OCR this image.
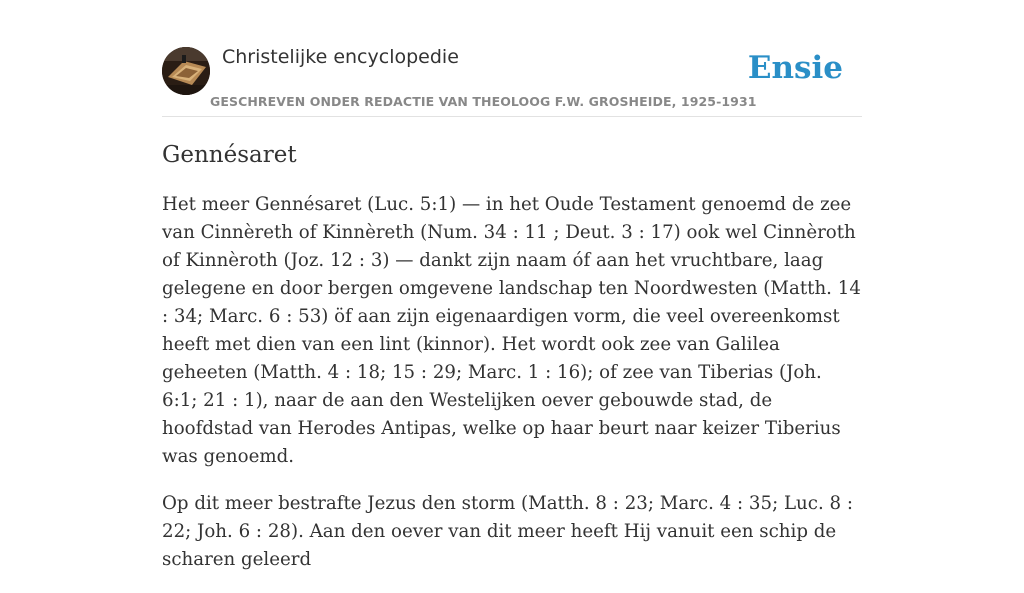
Christelijke encyclopedie
GESCHREVEN ONDER REDACTIE VAN THEOLOOG F.W. GROSHEIDE, 1925-1931
Ensie
Gennésaret

Het meer Gennésaret (Luc. 5:1) — in het Oude Testament genoemd de zee van Cinnèreth of Kinnèreth (Num. 34 : 11 ; Deut. 3 : 17) ook wel Cinnèroth of Kinnèroth (Joz. 12 : 3) — dankt zijn naam óf aan het vruchtbare, laag gelegene en door bergen omgevene landschap ten Noordwesten (Matth. 14 : 34; Marc. 6 : 53) öf aan zijn eigenaardigen vorm, die veel overeenkomst heeft met dien van een lint (kinnor). Het wordt ook zee van Galilea geheeten (Matth. 4 : 18; 15 : 29; Marc. 1 : 16); of zee van Tiberias (Joh. 6:1; 21 : 1), naar de aan den Westelijken oever gebouwde stad, de hoofdstad van Herodes Antipas, welke op haar beurt naar keizer Tiberius was genoemd.

Op dit meer bestrafte Jezus den storm (Matth. 8 : 23; Marc. 4 : 35; Luc. 8 : 22; Joh. 6 : 28). Aan den oever van dit meer heeft Hij vanuit een schip de scharen geleerd
